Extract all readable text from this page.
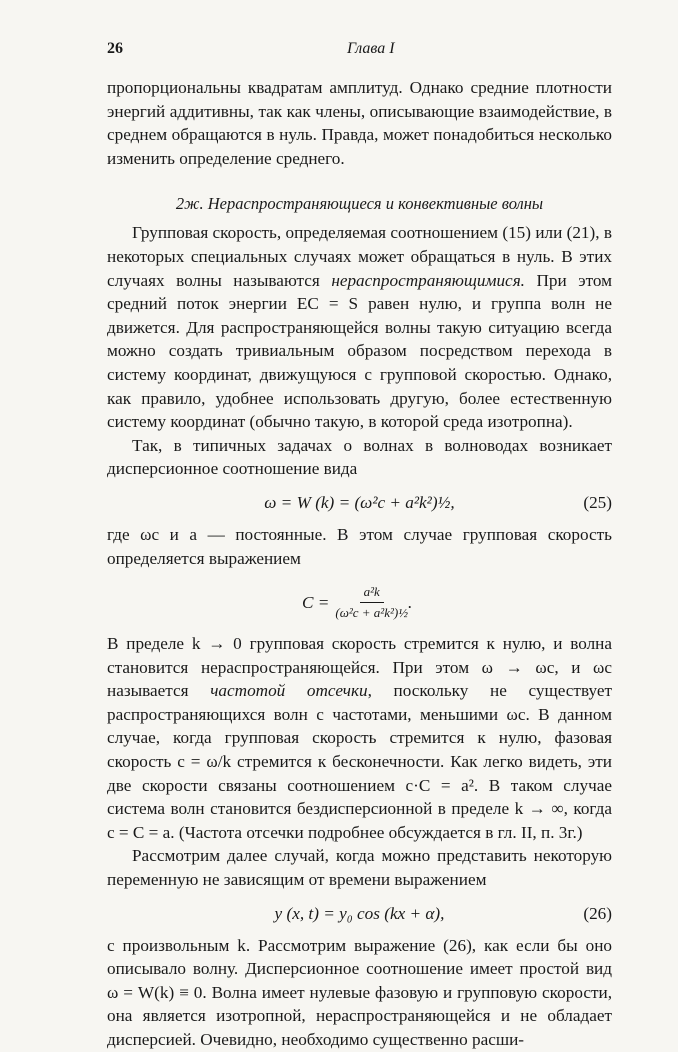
26	Глава I

пропорциональны квадратам амплитуд. Однако средние плотности энергий аддитивны, так как члены, описывающие взаимодействие, в среднем обращаются в нуль. Правда, может понадобиться несколько изменить определение среднего.

2ж. Нераспространяющиеся и конвективные волны

Групповая скорость, определяемая соотношением (15) или (21), в некоторых специальных случаях может обращаться в нуль. В этих случаях волны называются нераспространяющимися. При этом средний поток энергии EC = S равен нулю, и группа волн не движется. Для распространяющейся волны такую ситуацию всегда можно создать тривиальным образом посредством перехода в систему координат, движущуюся с групповой скоростью. Однако, как правило, удобнее использовать другую, более естественную систему координат (обычно такую, в которой среда изотропна).

Так, в типичных задачах о волнах в волноводах возникает дисперсионное соотношение вида

ω = W (k) = (ω²c + a²k²)½,	(25)

где ωc и a — постоянные. В этом случае групповая скорость определяется выражением

$C = \frac{\text{a²k}}{\text{(ω²c + a²k²)½}}$ .

В пределе k → 0 групповая скорость стремится к нулю, и волна становится нераспространяющейся. При этом ω → ωc, и ωc называется частотой отсечки, поскольку не существует распространяющихся волн с частотами, меньшими ωc. В данном случае, когда групповая скорость стремится к нулю, фазовая скорость c = ω/k стремится к бесконечности. Как легко видеть, эти две скорости связаны соотношением c·C = a². В таком случае система волн становится бездисперсионной в пределе k → ∞, когда c = C = a. (Частота отсечки подробнее обсуждается в гл. II, п. 3г.)

Рассмотрим далее случай, когда можно представить некоторую переменную не зависящим от времени выражением

y (x, t) = y₀ cos (kx + α),	(26)

с произвольным k. Рассмотрим выражение (26), как если бы оно описывало волну. Дисперсионное соотношение имеет простой вид ω = W(k) ≡ 0. Волна имеет нулевые фазовую и групповую скорости, она является изотропной, нераспространяющейся и не обладает дисперсией. Очевидно, необходимо существенно расши-
